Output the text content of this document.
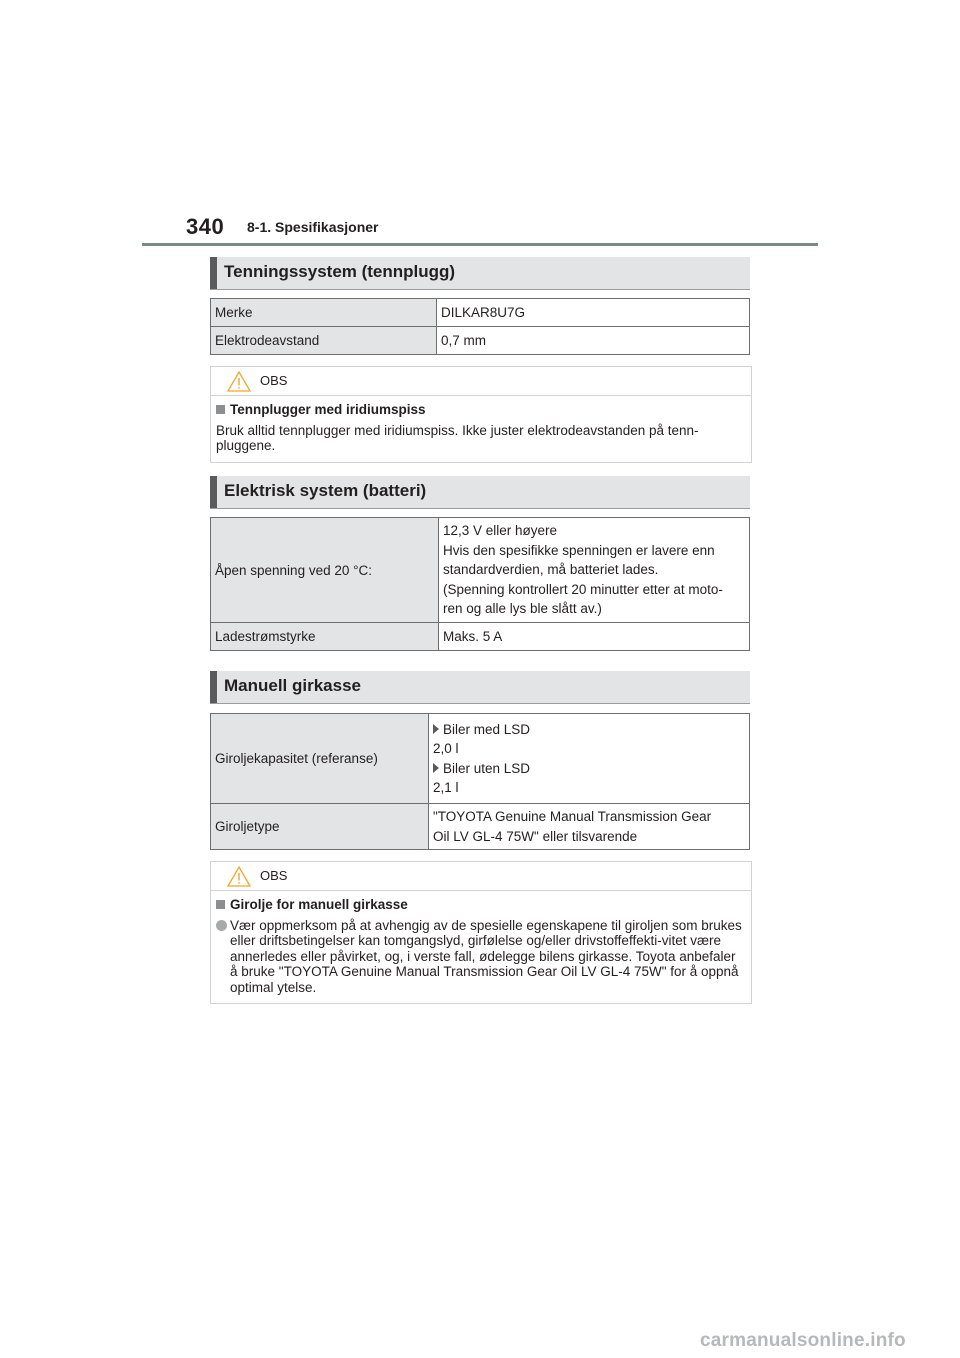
340 8-1. Spesifikasjoner
Tenningssystem (tennplugg)
Merke	DILKAR8U7G
Elektrodeavstand	0,7 mm
OBS
Tennplugger med iridiumspiss
Bruk alltid tennplugger med iridiumspiss. Ikke juster elektrodeavstanden på tenn-pluggene.
Elektrisk system (batteri)
Åpen spenning ved 20 °C:	12,3 V eller høyere
Hvis den spesifikke spenningen er lavere enn
standardverdien, må batteriet lades.
(Spenning kontrollert 20 minutter etter at moto-
ren og alle lys ble slått av.)

Ladestrømstyrke	Maks. 5 A
Manuell girkasse
Giroljekapasitet (referanse)	Biler med LSD
2,0 l
Biler uten LSD
2,1 l

Giroljetype	"TOYOTA Genuine Manual Transmission Gear
Oil LV GL-4 75W" eller tilsvarende
OBS
Girolje for manuell girkasse
Vær oppmerksom på at avhengig av de spesielle egenskapene til giroljen som brukes eller driftsbetingelser kan tomgangslyd, girfølelse og/eller drivstoffeffekti-vitet være annerledes eller påvirket, og, i verste fall, ødelegge bilens girkasse. Toyota anbefaler å bruke "TOYOTA Genuine Manual Transmission Gear Oil LV GL-4 75W" for å oppnå optimal ytelse.
carmanualsonline.info
